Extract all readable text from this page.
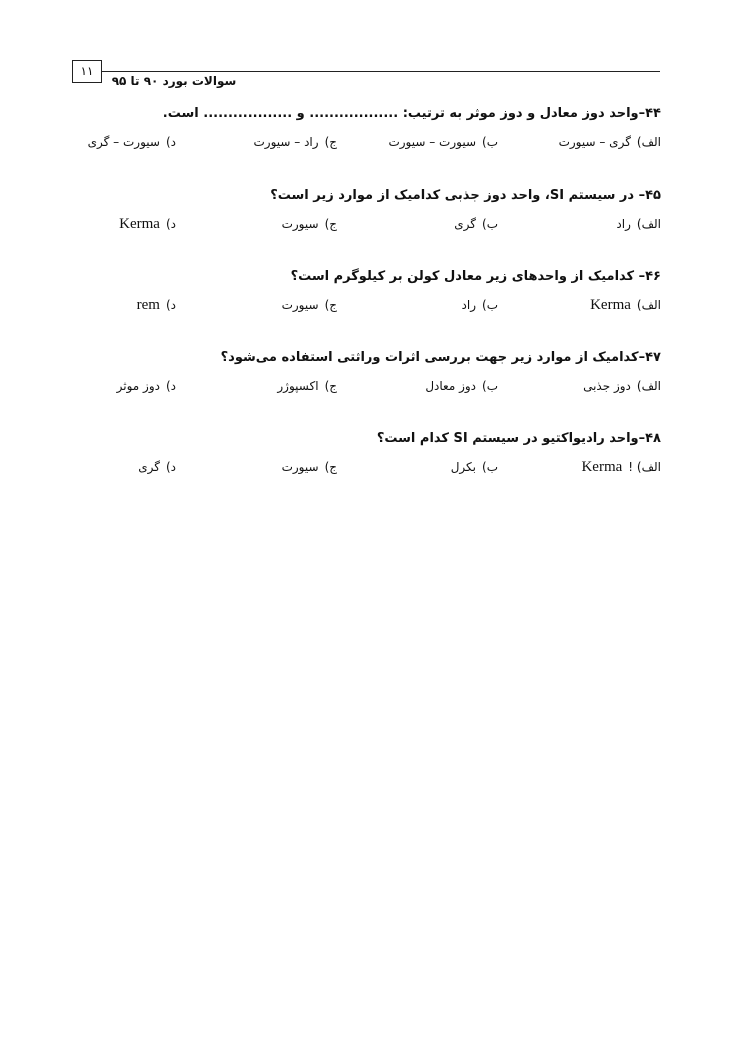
۱۱
سوالات بورد ۹۰ تا ۹۵
۴۴–واحد دوز معادل و دوز موثر به ترتیب: .................. و .................. است.
الف)گری – سیورت
ب)سیورت – سیورت
ج)راد – سیورت
د)سیورت – گری
۴۵– در سیستم SI، واحد دوز جذبی کدامیک از موارد زیر است؟
الف)راد
ب)گری
ج)سیورت
د)Kerma
۴۶– کدامیک از واحدهای زیر معادل کولن بر کیلوگرم است؟
الف)Kerma
ب)راد
ج)سیورت
د)rem
۴۷–کدامیک از موارد زیر جهت بررسی اثرات وراثتی استفاده می‌شود؟
الف)دوز جذبی
ب)دوز معادل
ج)اکسپوژر
د)دوز موثر
۴۸–واحد رادیواکتیو در سیستم SI کدام است؟
الف) !Kerma
ب)بکرل
ج)سیورت
د)گری
